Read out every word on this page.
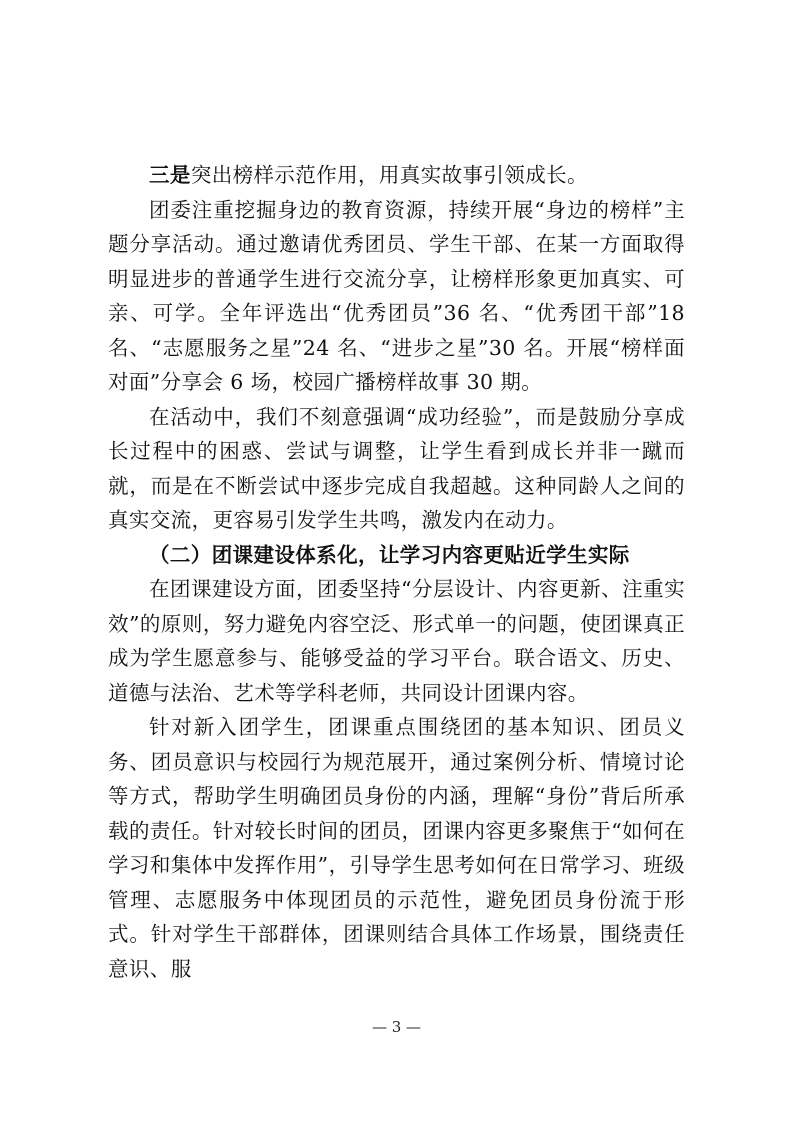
三是突出榜样示范作用，用真实故事引领成长。

团委注重挖掘身边的教育资源，持续开展“身边的榜样”主题分享活动。通过邀请优秀团员、学生干部、在某一方面取得明显进步的普通学生进行交流分享，让榜样形象更加真实、可亲、可学。全年评选出“优秀团员”36 名、“优秀团干部”18 名、“志愿服务之星”24 名、“进步之星”30 名。开展“榜样面对面”分享会 6 场，校园广播榜样故事 30 期。

在活动中，我们不刻意强调“成功经验”，而是鼓励分享成长过程中的困惑、尝试与调整，让学生看到成长并非一蹴而就，而是在不断尝试中逐步完成自我超越。这种同龄人之间的真实交流，更容易引发学生共鸣，激发内在动力。

（二）团课建设体系化，让学习内容更贴近学生实际

在团课建设方面，团委坚持“分层设计、内容更新、注重实效”的原则，努力避免内容空泛、形式单一的问题，使团课真正成为学生愿意参与、能够受益的学习平台。联合语文、历史、道德与法治、艺术等学科老师，共同设计团课内容。

针对新入团学生，团课重点围绕团的基本知识、团员义务、团员意识与校园行为规范展开，通过案例分析、情境讨论等方式，帮助学生明确团员身份的内涵，理解“身份”背后所承载的责任。针对较长时间的团员，团课内容更多聚焦于“如何在学习和集体中发挥作用”，引导学生思考如何在日常学习、班级管理、志愿服务中体现团员的示范性，避免团员身份流于形式。针对学生干部群体，团课则结合具体工作场景，围绕责任意识、服

— 3 —
